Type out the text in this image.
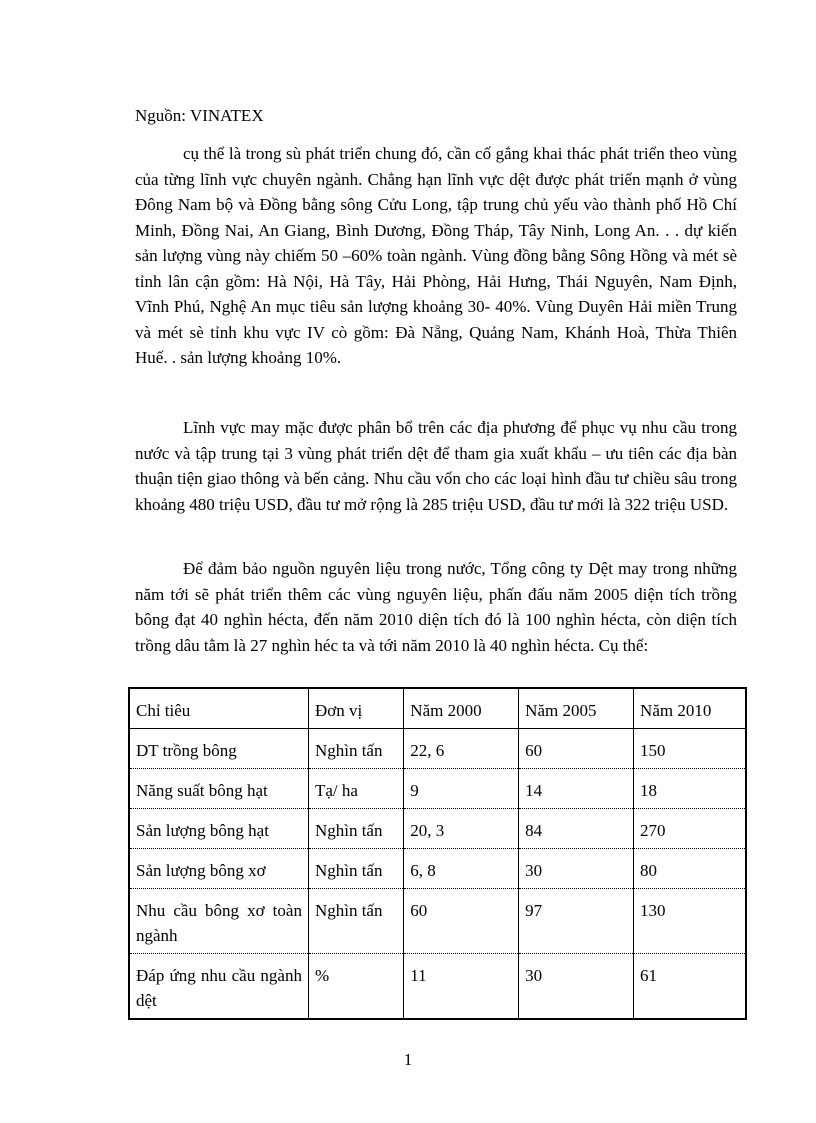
Nguồn: VINATEX

cụ thể là trong sù phát triển chung đó, cần cố gắng khai thác phát triển theo vùng của từng lĩnh vực chuyên ngành. Chẳng hạn lĩnh vực dệt được phát triển mạnh ở vùng Đông Nam bộ và Đồng bằng sông Cửu Long, tập trung chủ yếu vào thành phố Hồ Chí Minh, Đồng Nai, An Giang, Bình Dương, Đồng Tháp, Tây Ninh, Long An. . . dự kiến sản lượng vùng này chiếm 50 –60% toàn ngành. Vùng đồng bằng Sông Hồng và mét sè tỉnh lân cận gồm: Hà Nội, Hà Tây, Hải Phòng, Hải Hưng, Thái Nguyên, Nam Định, Vĩnh Phú, Nghệ An mục tiêu sản lượng khoảng 30- 40%. Vùng Duyên Hải miền Trung và mét sè tỉnh khu vực IV cò gồm: Đà Nẵng, Quảng Nam, Khánh Hoà, Thừa Thiên Huế. . sản lượng khoảng 10%.

Lĩnh vực may mặc được phân bổ trên các địa phương để phục vụ nhu cầu trong nước và tập trung tại 3 vùng phát triển dệt để tham gia xuất khẩu – ưu tiên các địa bàn thuận tiện giao thông và bến cảng. Nhu cầu vốn cho các loại hình đầu tư chiều sâu trong khoảng 480 triệu USD, đầu tư mở rộng là 285 triệu USD, đầu tư mới là 322 triệu USD.

Để đảm bảo nguồn nguyên liệu trong nước, Tổng công ty Dệt may trong những năm tới sẽ phát triển thêm các vùng nguyên liệu, phấn đấu năm 2005 diện tích trồng bông đạt 40 nghìn hécta, đến năm 2010 diện tích đó là 100 nghìn hécta, còn diện tích trồng dâu tằm là 27 nghìn héc ta và tới năm 2010 là 40 nghìn hécta. Cụ thể:

Chỉ tiêu	Đơn vị	Năm 2000	Năm 2005	Năm 2010
DT trồng bông	Nghìn tấn	22, 6	60	150
Năng suất bông hạt	Tạ/ ha	9	14	18
Sản lượng bông hạt	Nghìn tấn	20, 3	84	270
Sản lượng bông xơ	Nghìn tấn	6, 8	30	80
Nhu cầu bông xơ toàn ngành	Nghìn tấn	60	97	130
Đáp ứng nhu cầu ngành dệt	%	11	30	61
1
